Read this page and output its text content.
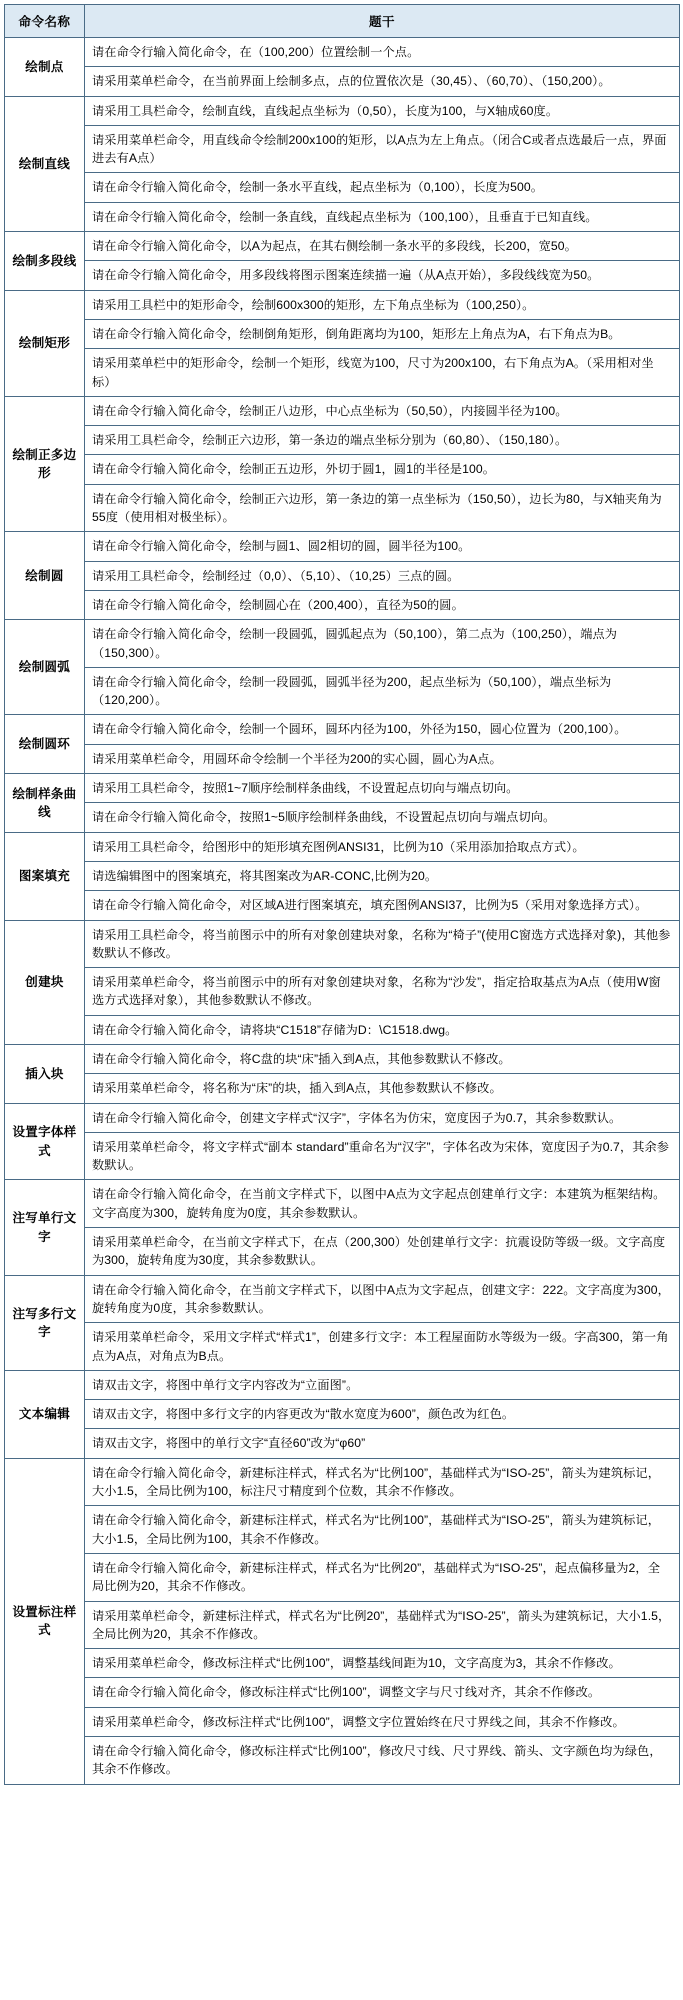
命令名称	题干
绘制点	请在命令行输入简化命令，在（100,200）位置绘制一个点。
	请采用菜单栏命令，在当前界面上绘制多点，点的位置依次是（30,45）、（60,70）、（150,200）。
绘制直线	请采用工具栏命令，绘制直线，直线起点坐标为（0,50），长度为100，与X轴成60度。
	请采用菜单栏命令，用直线命令绘制200x100的矩形，以A点为左上角点。（闭合C或者点选最后一点，界面进去有A点）
	请在命令行输入简化命令，绘制一条水平直线，起点坐标为（0,100），长度为500。
	请在命令行输入简化命令，绘制一条直线，直线起点坐标为（100,100），且垂直于已知直线。
绘制多段线	请在命令行输入简化命令，以A为起点，在其右侧绘制一条水平的多段线，长200，宽50。
	请在命令行输入简化命令，用多段线将图示图案连续描一遍（从A点开始），多段线线宽为50。
绘制矩形	请采用工具栏中的矩形命令，绘制600x300的矩形，左下角点坐标为（100,250）。
	请在命令行输入简化命令，绘制倒角矩形，倒角距离均为100，矩形左上角点为A，右下角点为B。
	请采用菜单栏中的矩形命令，绘制一个矩形，线宽为100，尺寸为200x100，右下角点为A。（采用相对坐标）
绘制正多边形	请在命令行输入简化命令，绘制正八边形，中心点坐标为（50,50），内接圆半径为100。
	请采用工具栏命令，绘制正六边形，第一条边的端点坐标分别为（60,80）、（150,180）。
	请在命令行输入简化命令，绘制正五边形，外切于圆1，圆1的半径是100。
	请在命令行输入简化命令，绘制正六边形，第一条边的第一点坐标为（150,50），边长为80，与X轴夹角为55度（使用相对极坐标）。
绘制圆	请在命令行输入简化命令，绘制与圆1、圆2相切的圆，圆半径为100。
	请采用工具栏命令，绘制经过（0,0）、（5,10）、（10,25）三点的圆。
	请在命令行输入简化命令，绘制圆心在（200,400），直径为50的圆。
绘制圆弧	请在命令行输入简化命令，绘制一段圆弧，圆弧起点为（50,100），第二点为（100,250），端点为（150,300）。
	请在命令行输入简化命令，绘制一段圆弧，圆弧半径为200，起点坐标为（50,100），端点坐标为（120,200）。
绘制圆环	请在命令行输入简化命令，绘制一个圆环，圆环内径为100，外径为150，圆心位置为（200,100）。
	请采用菜单栏命令，用圆环命令绘制一个半径为200的实心圆，圆心为A点。
绘制样条曲线	请采用工具栏命令，按照1~7顺序绘制样条曲线，不设置起点切向与端点切向。
	请在命令行输入简化命令，按照1~5顺序绘制样条曲线，不设置起点切向与端点切向。
图案填充	请采用工具栏命令，给图形中的矩形填充图例ANSI31，比例为10（采用添加拾取点方式）。
	请选编辑图中的图案填充，将其图案改为AR-CONC,比例为20。
	请在命令行输入简化命令，对区域A进行图案填充，填充图例ANSI37，比例为5（采用对象选择方式）。
创建块	请采用工具栏命令，将当前图示中的所有对象创建块对象，名称为“椅子”(使用C窗选方式选择对象)，其他参数默认不修改。
	请采用菜单栏命令，将当前图示中的所有对象创建块对象，名称为“沙发”，指定拾取基点为A点（使用W窗选方式选择对象），其他参数默认不修改。
	请在命令行输入简化命令，请将块“C1518”存储为D：\C1518.dwg。
插入块	请在命令行输入简化命令，将C盘的块“床”插入到A点，其他参数默认不修改。
	请采用菜单栏命令，将名称为“床”的块，插入到A点，其他参数默认不修改。
设置字体样式	请在命令行输入简化命令，创建文字样式“汉字”，字体名为仿宋，宽度因子为0.7，其余参数默认。
	请采用菜单栏命令，将文字样式“副本 standard”重命名为“汉字”，字体名改为宋体，宽度因子为0.7，其余参数默认。
注写单行文字	请在命令行输入简化命令，在当前文字样式下，以图中A点为文字起点创建单行文字：本建筑为框架结构。文字高度为300，旋转角度为0度，其余参数默认。
	请采用菜单栏命令，在当前文字样式下，在点（200,300）处创建单行文字：抗震设防等级一级。文字高度为300，旋转角度为30度，其余参数默认。
注写多行文字	请在命令行输入简化命令，在当前文字样式下，以图中A点为文字起点，创建文字：222。文字高度为300，旋转角度为0度，其余参数默认。
	请采用菜单栏命令，采用文字样式“样式1”，创建多行文字：本工程屋面防水等级为一级。字高300，第一角点为A点，对角点为B点。
文本编辑	请双击文字，将图中单行文字内容改为“立面图”。
	请双击文字，将图中多行文字的内容更改为“散水宽度为600”，颜色改为红色。
	请双击文字，将图中的单行文字“直径60”改为“φ60”
设置标注样式	请在命令行输入简化命令，新建标注样式，样式名为“比例100”，基础样式为“ISO-25”，箭头为建筑标记，大小1.5，全局比例为100，标注尺寸精度到个位数，其余不作修改。
	请在命令行输入简化命令，新建标注样式，样式名为“比例100”，基础样式为“ISO-25”，箭头为建筑标记，大小1.5，全局比例为100，其余不作修改。
	请在命令行输入简化命令，新建标注样式，样式名为“比例20”，基础样式为“ISO-25”，起点偏移量为2，全局比例为20，其余不作修改。
	请采用菜单栏命令，新建标注样式，样式名为“比例20”，基础样式为“ISO-25”，箭头为建筑标记，大小1.5，全局比例为20，其余不作修改。
	请采用菜单栏命令，修改标注样式“比例100”，调整基线间距为10，文字高度为3，其余不作修改。
	请在命令行输入简化命令，修改标注样式“比例100”，调整文字与尺寸线对齐，其余不作修改。
	请采用菜单栏命令，修改标注样式“比例100”，调整文字位置始终在尺寸界线之间，其余不作修改。
	请在命令行输入简化命令，修改标注样式“比例100”，修改尺寸线、尺寸界线、箭头、文字颜色均为绿色，其余不作修改。
